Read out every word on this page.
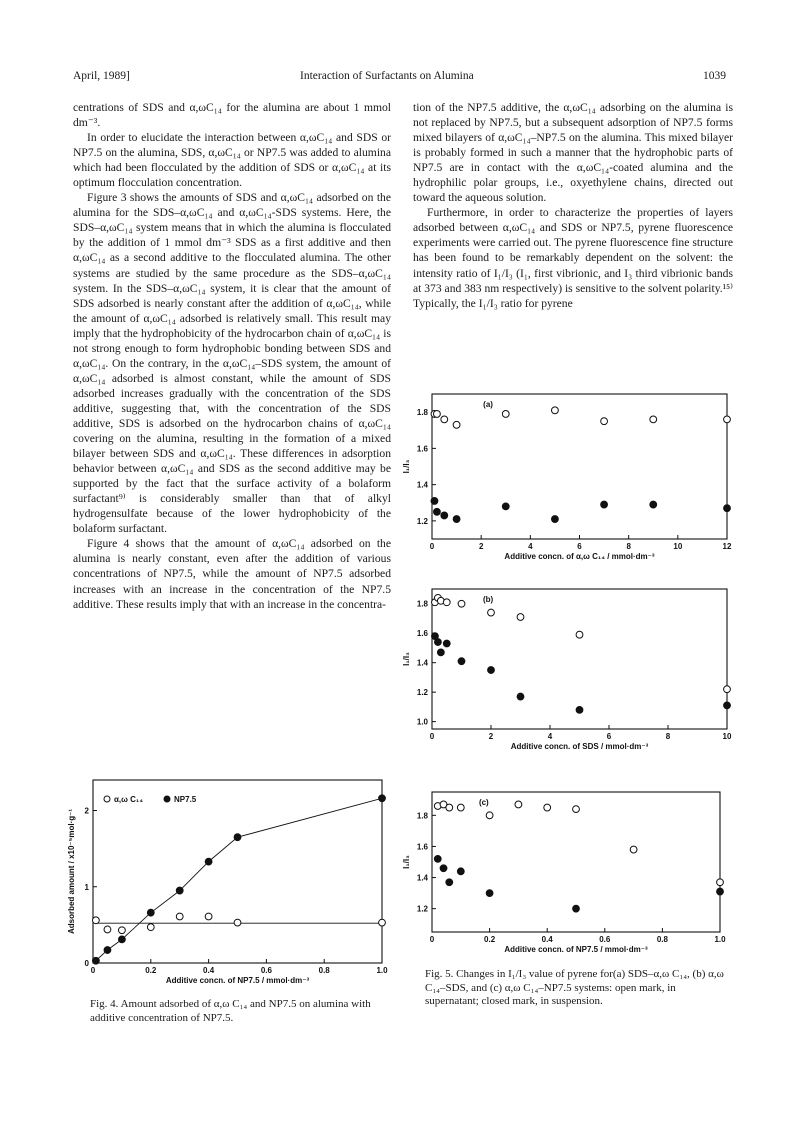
April, 1989]	Interaction of Surfactants on Alumina	1039

centrations of SDS and α,ωC₁₄ for the alumina are about 1 mmol dm⁻³.

In order to elucidate the interaction between α,ωC₁₄ and SDS or NP7.5 on the alumina, SDS, α,ωC₁₄ or NP7.5 was added to alumina which had been flocculated by the addition of SDS or α,ωC₁₄ at its optimum flocculation concentration.

Figure 3 shows the amounts of SDS and α,ωC₁₄ adsorbed on the alumina for the SDS–α,ωC₁₄ and α,ωC₁₄-SDS systems. Here, the SDS–α,ωC₁₄ system means that in which the alumina is flocculated by the addition of 1 mmol dm⁻³ SDS as a first additive and then α,ωC₁₄ as a second additive to the flocculated alumina. The other systems are studied by the same procedure as the SDS–α,ωC₁₄ system. In the SDS–α,ωC₁₄ system, it is clear that the amount of SDS adsorbed is nearly constant after the addition of α,ωC₁₄, while the amount of α,ωC₁₄ adsorbed is relatively small. This result may imply that the hydrophobicity of the hydrocarbon chain of α,ωC₁₄ is not strong enough to form hydrophobic bonding between SDS and α,ωC₁₄. On the contrary, in the α,ωC₁₄–SDS system, the amount of α,ωC₁₄ adsorbed is almost constant, while the amount of SDS adsorbed increases gradually with the concentration of the SDS additive, suggesting that, with the concentration of the SDS additive, SDS is adsorbed on the hydrocarbon chains of α,ωC₁₄ covering on the alumina, resulting in the formation of a mixed bilayer between SDS and α,ωC₁₄. These differences in adsorption behavior between α,ωC₁₄ and SDS as the second additive may be supported by the fact that the surface activity of a bolaform surfactant⁹⁾ is considerably smaller than that of alkyl hydrogensulfate because of the lower hydrophobicity of the bolaform surfactant.

Figure 4 shows that the amount of α,ωC₁₄ adsorbed on the alumina is nearly constant, even after the addition of various concentrations of NP7.5, while the amount of NP7.5 adsorbed increases with an increase in the concentration of the NP7.5 additive. These results imply that with an increase in the concentra-

tion of the NP7.5 additive, the α,ωC₁₄ adsorbing on the alumina is not replaced by NP7.5, but a subsequent adsorption of NP7.5 forms mixed bilayers of α,ωC₁₄–NP7.5 on the alumina. This mixed bilayer is probably formed in such a manner that the hydrophobic parts of NP7.5 are in contact with the α,ωC₁₄-coated alumina and the hydrophilic polar groups, i.e., oxyethylene chains, directed out toward the aqueous solution.

Furthermore, in order to characterize the properties of layers adsorbed between α,ωC₁₄ and SDS or NP7.5, pyrene fluorescence experiments were carried out. The pyrene fluorescence fine structure has been found to be remarkably dependent on the solvent: the intensity ratio of I₁/I₃ (I₁, first vibrionic, and I₃ third vibrionic bands at 373 and 383 nm respectively) is sensitive to the solvent polarity.¹⁵⁾ Typically, the I₁/I₃ ratio for pyrene

0	0.2	0.4	0.6	0.8	1.0
0
1
2
Additive concn. of NP7.5 / mmol·dm⁻³
Adsorbed amount / x10⁻⁵mol·g⁻¹
α,ω C₁₄	NP7.5
Fig. 4. Amount adsorbed of α,ω C₁₄ and NP7.5 on alumina with additive concentration of NP7.5.
0	2	4	6	8	10	12
1.2
1.4
1.6
1.8
Additive concn. of α,ω C₁₄ / mmol·dm⁻³
I₁/I₃
(a)
0	2	4	6	8	10
1.0
1.2
1.4
1.6
1.8
Additive concn. of SDS / mmol·dm⁻³
I₁/I₃
(b)
0	0.2	0.4	0.6	0.8	1.0
1.2
1.4
1.6
1.8
Additive concn. of NP7.5 / mmol·dm⁻³
I₁/I₃
(c)
Fig. 5. Changes in I₁/I₃ value of pyrene for(a) SDS–α,ω C₁₄, (b) α,ω C₁₄–SDS, and (c) α,ω C₁₄–NP7.5 systems: open mark, in supernatant; closed mark, in suspension.
